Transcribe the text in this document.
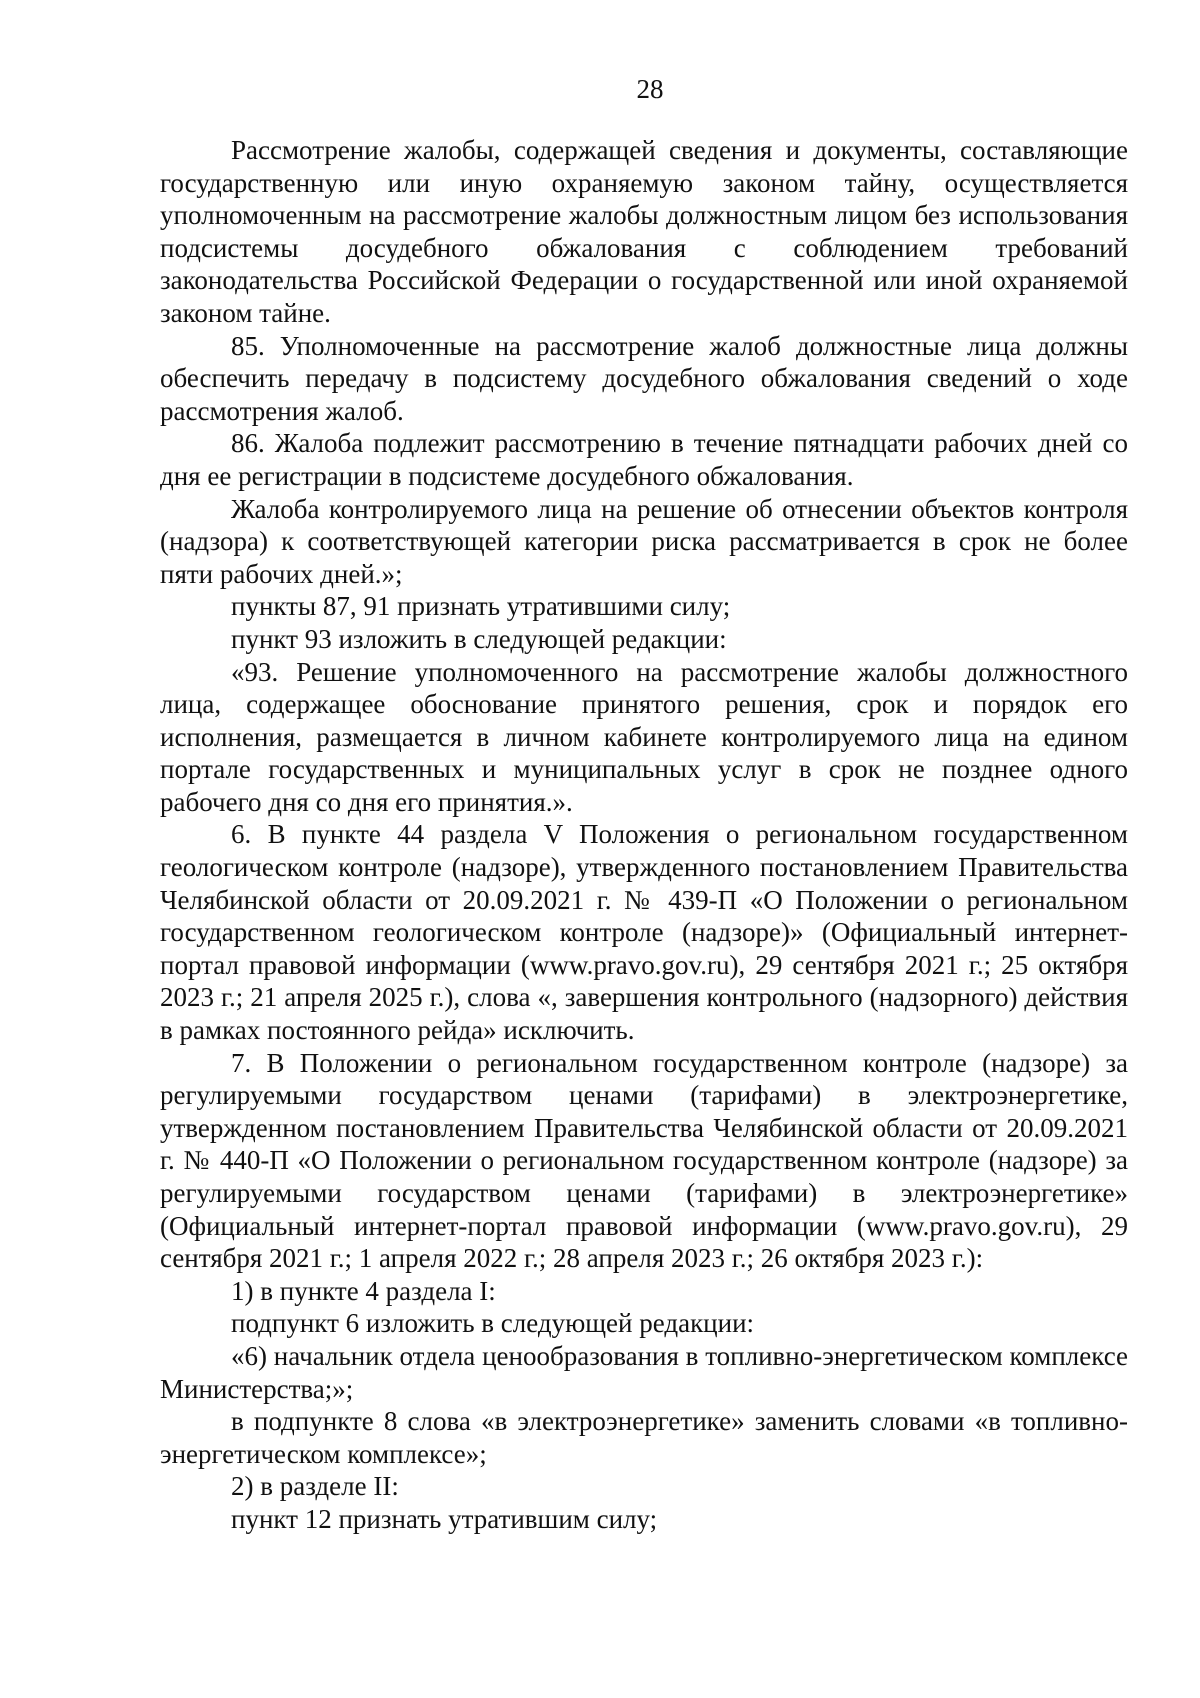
28

Рассмотрение жалобы, содержащей сведения и документы, составляющие государственную или иную охраняемую законом тайну, осуществляется уполномоченным на рассмотрение жалобы должностным лицом без использования подсистемы досудебного обжалования с соблюдением требований законодательства Российской Федерации о государственной или иной охраняемой законом тайне.

85. Уполномоченные на рассмотрение жалоб должностные лица должны обеспечить передачу в подсистему досудебного обжалования сведений о ходе рассмотрения жалоб.

86. Жалоба подлежит рассмотрению в течение пятнадцати рабочих дней со дня ее регистрации в подсистеме досудебного обжалования.

Жалоба контролируемого лица на решение об отнесении объектов контроля (надзора) к соответствующей категории риска рассматривается в срок не более пяти рабочих дней.»;

пункты 87, 91 признать утратившими силу;

пункт 93 изложить в следующей редакции:

«93. Решение уполномоченного на рассмотрение жалобы должностного лица, содержащее обоснование принятого решения, срок и порядок его исполнения, размещается в личном кабинете контролируемого лица на едином портале государственных и муниципальных услуг в срок не позднее одного рабочего дня со дня его принятия.».

6. В пункте 44 раздела V Положения о региональном государственном геологическом контроле (надзоре), утвержденного постановлением Правительства Челябинской области от 20.09.2021 г. № 439-П «О Положении о региональном государственном геологическом контроле (надзоре)» (Официальный интернет-портал правовой информации (www.pravo.gov.ru), 29 сентября 2021 г.; 25 октября 2023 г.; 21 апреля 2025 г.), слова «, завершения контрольного (надзорного) действия в рамках постоянного рейда» исключить.

7. В Положении о региональном государственном контроле (надзоре) за регулируемыми государством ценами (тарифами) в электроэнергетике, утвержденном постановлением Правительства Челябинской области от 20.09.2021 г. № 440-П «О Положении о региональном государственном контроле (надзоре) за регулируемыми государством ценами (тарифами) в электроэнергетике» (Официальный интернет-портал правовой информации (www.pravo.gov.ru), 29 сентября 2021 г.; 1 апреля 2022 г.; 28 апреля 2023 г.; 26 октября 2023 г.):

1) в пункте 4 раздела I:

подпункт 6 изложить в следующей редакции:

«6) начальник отдела ценообразования в топливно-энергетическом комплексе Министерства;»;

в подпункте 8 слова «в электроэнергетике» заменить словами «в топливно-энергетическом комплексе»;

2) в разделе II:

пункт 12 признать утратившим силу;
